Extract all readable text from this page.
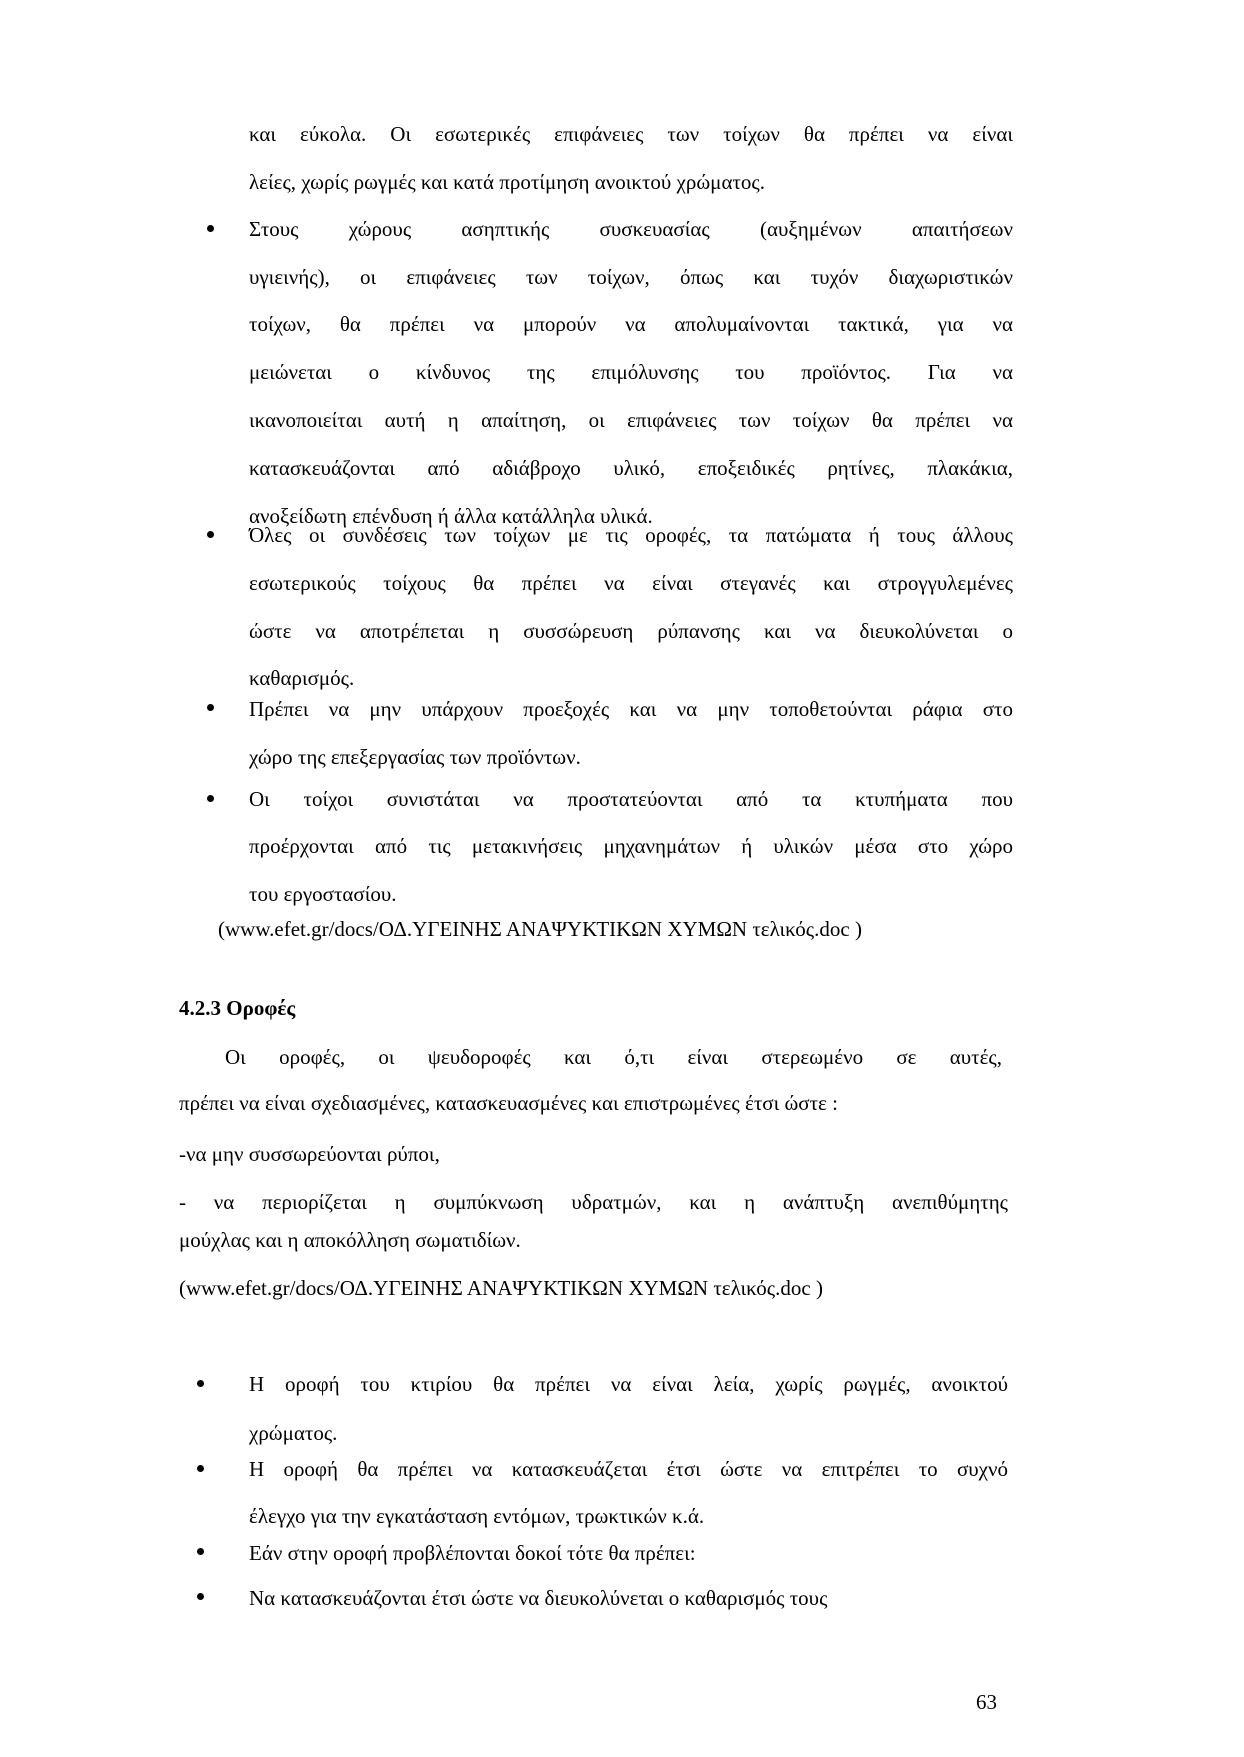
και εύκολα. Οι εσωτερικές επιφάνειες των τοίχων θα πρέπει να είναι

λείες, χωρίς ρωγμές και κατά προτίμηση ανοικτού χρώματος.

Στους χώρους ασηπτικής συσκευασίας (αυξημένων απαιτήσεων

υγιεινής), οι επιφάνειες των τοίχων, όπως και τυχόν διαχωριστικών

τοίχων, θα πρέπει να μπορούν να απολυμαίνονται τακτικά, για να

μειώνεται ο κίνδυνος της επιμόλυνσης του προϊόντος. Για να

ικανοποιείται αυτή η απαίτηση, οι επιφάνειες των τοίχων θα πρέπει να

κατασκευάζονται από αδιάβροχο υλικό, εποξειδικές ρητίνες, πλακάκια,

ανοξείδωτη επένδυση ή άλλα κατάλληλα υλικά.

Όλες οι συνδέσεις των τοίχων με τις οροφές, τα πατώματα ή τους άλλους

εσωτερικούς τοίχους θα πρέπει να είναι στεγανές και στρογγυλεμένες

ώστε να αποτρέπεται η συσσώρευση ρύπανσης και να διευκολύνεται ο

καθαρισμός.

Πρέπει να μην υπάρχουν προεξοχές και να μην τοποθετούνται ράφια στο

χώρο της επεξεργασίας των προϊόντων.

Οι τοίχοι συνιστάται να προστατεύονται από τα κτυπήματα που

προέρχονται από τις μετακινήσεις μηχανημάτων ή υλικών μέσα στο χώρο

του εργοστασίου.

(www.efet.gr/docs/ΟΔ.ΥΓΕΙΝΗΣ ΑΝΑΨΥΚΤΙΚΩΝ ΧΥΜΩΝ τελικός.doc )

4.2.3 Οροφές

Οι οροφές, οι ψευδοροφές και ό,τι είναι στερεωμένο σε αυτές,

πρέπει να είναι σχεδιασμένες, κατασκευασμένες και επιστρωμένες έτσι ώστε :

-να μην συσσωρεύονται ρύποι,

- να περιορίζεται η συμπύκνωση υδρατμών, και η ανάπτυξη ανεπιθύμητης

μούχλας και η αποκόλληση σωματιδίων.

(www.efet.gr/docs/ΟΔ.ΥΓΕΙΝΗΣ ΑΝΑΨΥΚΤΙΚΩΝ ΧΥΜΩΝ τελικός.doc )

Η οροφή του κτιρίου θα πρέπει να είναι λεία, χωρίς ρωγμές, ανοικτού

χρώματος.

Η οροφή θα πρέπει να κατασκευάζεται έτσι ώστε να επιτρέπει το συχνό

έλεγχο για την εγκατάσταση εντόμων, τρωκτικών κ.ά.

Εάν στην οροφή προβλέπονται δοκοί τότε θα πρέπει:

Να κατασκευάζονται έτσι ώστε να διευκολύνεται ο καθαρισμός τους

63
